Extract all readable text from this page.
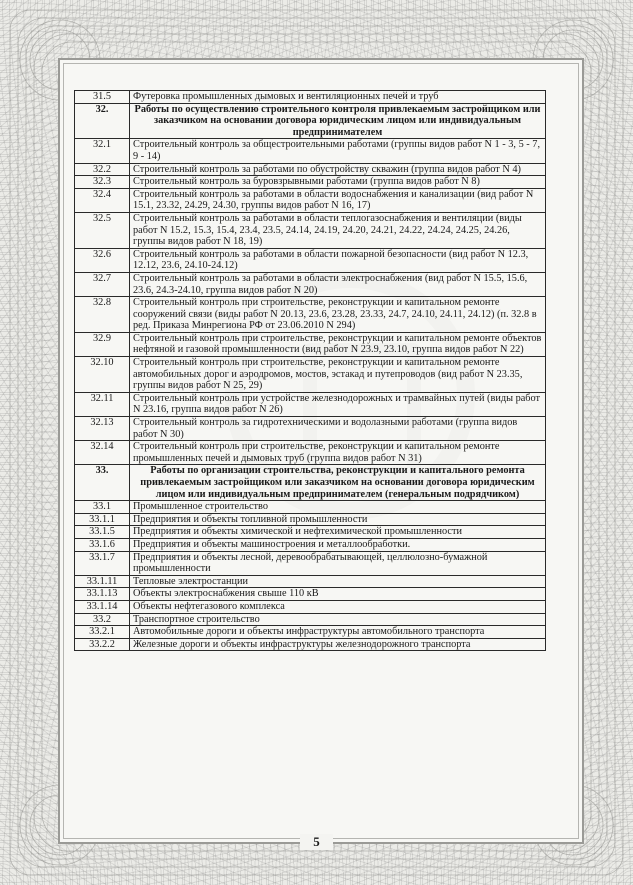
31.5	Футеровка промышленных дымовых и вентиляционных печей и труб
32.	Работы по осуществлению строительного контроля привлекаемым застройщиком или заказчиком на основании договора юридическим лицом или индивидуальным предпринимателем
32.1	Строительный контроль за общестроительными работами (группы видов работ N 1 - 3, 5 - 7, 9 - 14)
32.2	Строительный контроль за работами по обустройству скважин (группа видов работ N 4)
32.3	Строительный контроль за буровзрывными работами (группа видов работ N 8)
32.4	Строительный контроль за работами в области водоснабжения и канализации (вид работ N 15.1, 23.32, 24.29, 24.30, группы видов работ N 16, 17)
32.5	Строительный контроль за работами в области теплогазоснабжения и вентиляции (виды работ N 15.2, 15.3, 15.4, 23.4, 23.5, 24.14, 24.19, 24.20, 24.21, 24.22, 24.24, 24.25, 24.26, группы видов работ N 18, 19)
32.6	Строительный контроль за работами в области пожарной безопасности (вид работ N 12.3, 12.12, 23.6, 24.10-24.12)
32.7	Строительный контроль за работами в области электроснабжения (вид работ N 15.5, 15.6, 23.6, 24.3-24.10, группа видов работ N 20)
32.8	Строительный контроль при строительстве, реконструкции и капитальном ремонте сооружений связи (виды работ N 20.13, 23.6, 23.28, 23.33, 24.7, 24.10, 24.11, 24.12) (п. 32.8 в ред. Приказа Минрегиона РФ от 23.06.2010 N 294)
32.9	Строительный контроль при строительстве, реконструкции и капитальном ремонте объектов нефтяной и газовой промышленности (вид работ N 23.9, 23.10, группа видов работ N 22)
32.10	Строительный контроль при строительстве, реконструкции и капитальном ремонте автомобильных дорог и аэродромов, мостов, эстакад и путепроводов (вид работ N 23.35, группы видов работ N 25, 29)
32.11	Строительный контроль при устройстве железнодорожных и трамвайных путей (виды работ N 23.16, группа видов работ N 26)
32.13	Строительный контроль за гидротехническими и водолазными работами (группа видов работ N 30)
32.14	Строительный контроль при строительстве, реконструкции и капитальном ремонте промышленных печей и дымовых труб (группа видов работ N 31)
33.	Работы по организации строительства, реконструкции и капитального ремонта привлекаемым застройщиком или заказчиком на основании договора юридическим лицом или индивидуальным предпринимателем (генеральным подрядчиком)
33.1	Промышленное строительство
33.1.1	Предприятия и объекты топливной промышленности
33.1.5	Предприятия и объекты химической и нефтехимической промышленности
33.1.6	Предприятия и объекты машиностроения и металлообработки.
33.1.7	Предприятия и объекты лесной, деревообрабатывающей, целлюлозно-бумажной промышленности
33.1.11	Тепловые электростанции
33.1.13	Объекты электроснабжения свыше 110 кВ
33.1.14	Объекты нефтегазового комплекса
33.2	Транспортное строительство
33.2.1	Автомобильные дороги и объекты инфраструктуры автомобильного транспорта
33.2.2	Железные дороги и объекты инфраструктуры железнодорожного транспорта
5
